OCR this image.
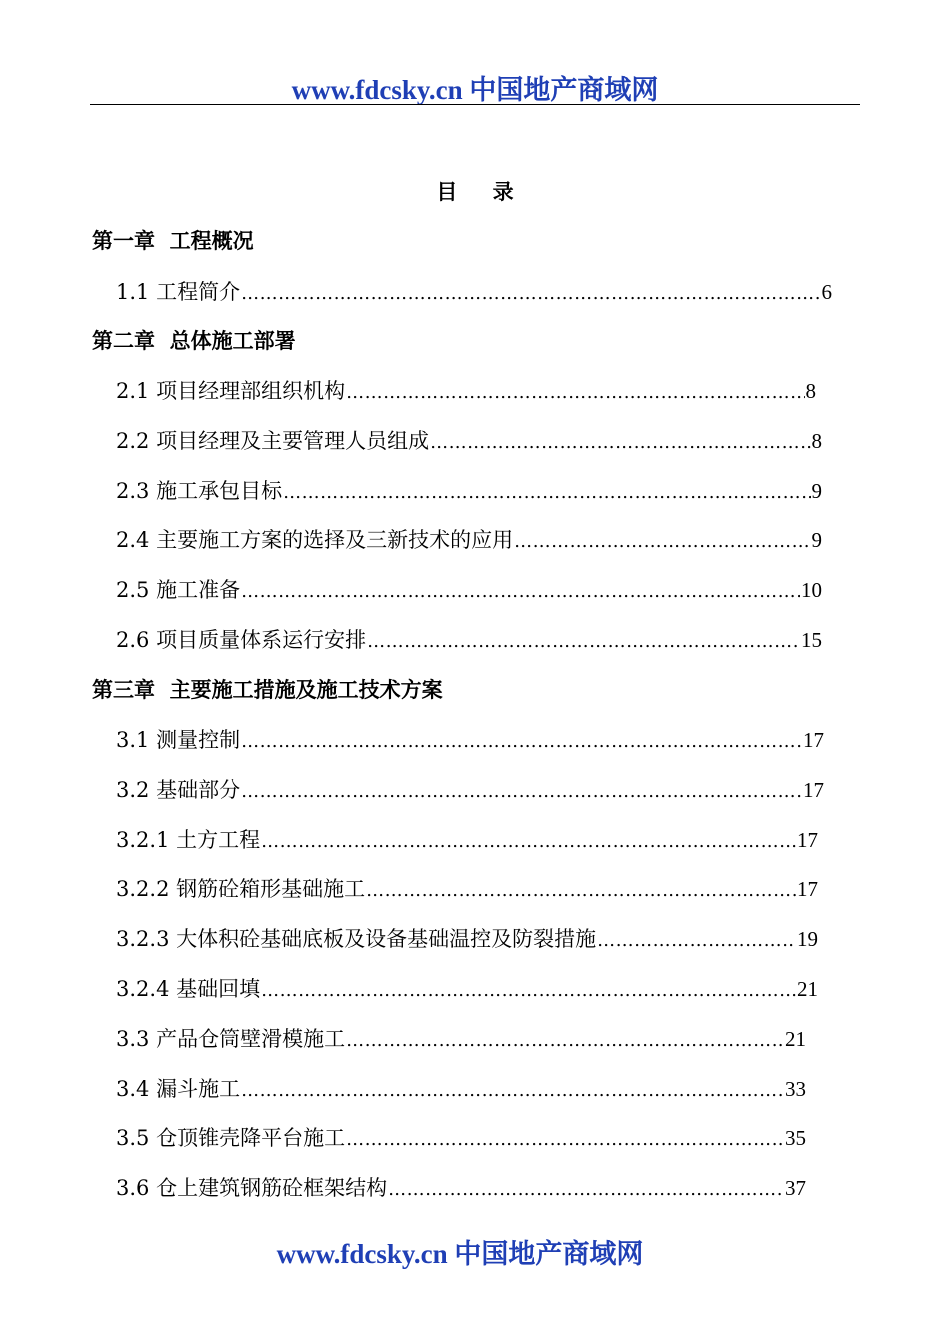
www.fdcsky.cn 中国地产商域网
目 录
第一章  工程概况
1.1 工程简介 ………………………………………………………………………………………………………………………………………………	6
第二章  总体施工部署
2.1 项目经理部组织机构 ………………………………………………………………………………………………………………………………………………	8
2.2 项目经理及主要管理人员组成 ………………………………………………………………………………………………………………………………………………	8
2.3 施工承包目标 ………………………………………………………………………………………………………………………………………………	9
2.4 主要施工方案的选择及三新技术的应用 ………………………………………………………………………………………………………………………………………………	9
2.5 施工准备 ………………………………………………………………………………………………………………………………………………	10
2.6 项目质量体系运行安排 ………………………………………………………………………………………………………………………………………………	15
第三章  主要施工措施及施工技术方案
3.1 测量控制 ………………………………………………………………………………………………………………………………………………	17
3.2 基础部分 ………………………………………………………………………………………………………………………………………………	17
3.2.1 土方工程 ………………………………………………………………………………………………………………………………………………	17
3.2.2 钢筋砼箱形基础施工 ………………………………………………………………………………………………………………………………………………	17
3.2.3 大体积砼基础底板及设备基础温控及防裂措施 ………………………………………………………………………………………………………………………………………………	19
3.2.4 基础回填 ………………………………………………………………………………………………………………………………………………	21
3.3 产品仓筒壁滑模施工 ………………………………………………………………………………………………………………………………………………	21
3.4 漏斗施工 ………………………………………………………………………………………………………………………………………………	33
3.5 仓顶锥壳降平台施工 ………………………………………………………………………………………………………………………………………………	35
3.6 仓上建筑钢筋砼框架结构 ………………………………………………………………………………………………………………………………………………	37
www.fdcsky.cn 中国地产商域网
